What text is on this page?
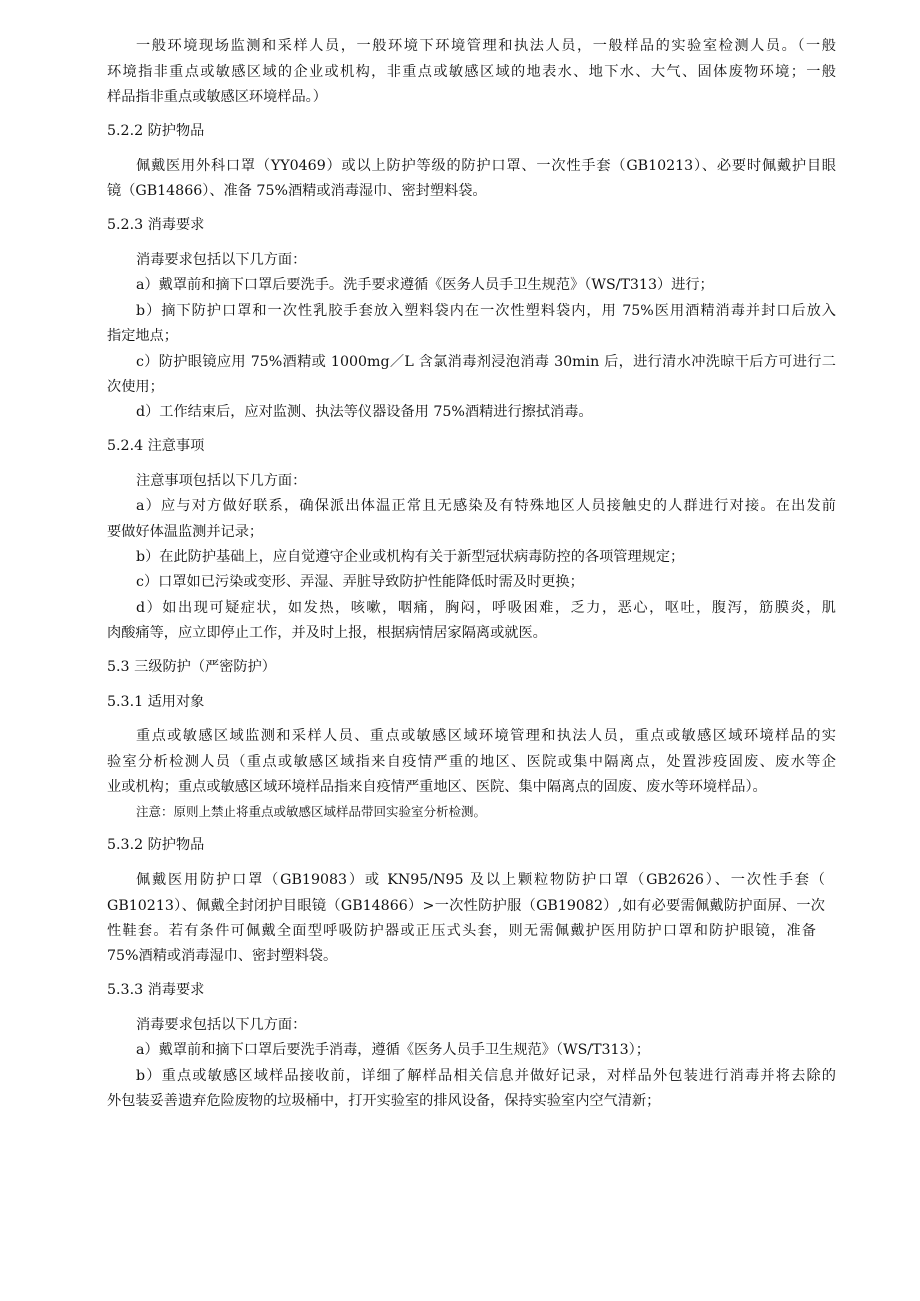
一般环境现场监测和采样人员，一般环境下环境管理和执法人员，一般样品的实验室检测人员。（一般
环境指非重点或敏感区域的企业或机构，非重点或敏感区域的地表水、地下水、大气、固体废物环境；一般
样品指非重点或敏感区环境样品。）
5.2.2 防护物品
佩戴医用外科口罩（YY0469）或以上防护等级的防护口罩、一次性手套（GB10213）、必要时佩戴护目眼
镜（GB14866）、准备 75%酒精或消毒湿巾、密封塑料袋。
5.2.3 消毒要求
消毒要求包括以下几方面：
a）戴罩前和摘下口罩后要洗手。洗手要求遵循《医务人员手卫生规范》（WS/T313）进行；
b）摘下防护口罩和一次性乳胶手套放入塑料袋内在一次性塑料袋内，用 75%医用酒精消毒并封口后放入
指定地点；
c）防护眼镜应用 75%酒精或 1000mg／L 含氯消毒剂浸泡消毒 30min 后，进行清水冲洗晾干后方可进行二
次使用；
d）工作结束后，应对监测、执法等仪器设备用 75%酒精进行擦拭消毒。
5.2.4 注意事项
注意事项包括以下几方面：
a）应与对方做好联系，确保派出体温正常且无感染及有特殊地区人员接触史的人群进行对接。在出发前
要做好体温监测并记录；
b）在此防护基础上，应自觉遵守企业或机构有关于新型冠状病毒防控的各项管理规定；
c）口罩如已污染或变形、弄湿、弄脏导致防护性能降低时需及时更换；
d）如出现可疑症状，如发热，咳嗽，咽痛，胸闷，呼吸困难，乏力，恶心，呕吐，腹泻，筋膜炎，肌
肉酸痛等，应立即停止工作，并及时上报，根据病情居家隔离或就医。
5.3 三级防护（严密防护）
5.3.1 适用对象
重点或敏感区域监测和采样人员、重点或敏感区域环境管理和执法人员，重点或敏感区域环境样品的实
验室分析检测人员（重点或敏感区域指来自疫情严重的地区、医院或集中隔离点，处置涉疫固废、废水等企
业或机构；重点或敏感区域环境样品指来自疫情严重地区、医院、集中隔离点的固废、废水等环境样品）。
注意：原则上禁止将重点或敏感区域样品带回实验室分析检测。
5.3.2 防护物品
佩戴医用防护口罩（GB19083）或 KN95/N95 及以上颗粒物防护口罩（GB2626）、一次性手套（
GB10213）、佩戴全封闭护目眼镜（GB14866）>一次性防护服（GB19082）,如有必要需佩戴防护面屏、一次
性鞋套。若有条件可佩戴全面型呼吸防护器或正压式头套，则无需佩戴护医用防护口罩和防护眼镜，准备
75%酒精或消毒湿巾、密封塑料袋。
5.3.3 消毒要求
消毒要求包括以下几方面：
a）戴罩前和摘下口罩后要洗手消毒，遵循《医务人员手卫生规范》（WS/T313）；
b）重点或敏感区域样品接收前，详细了解样品相关信息并做好记录，对样品外包装进行消毒并将去除的
外包装妥善遗弃危险废物的垃圾桶中，打开实验室的排风设备，保持实验室内空气清新；
